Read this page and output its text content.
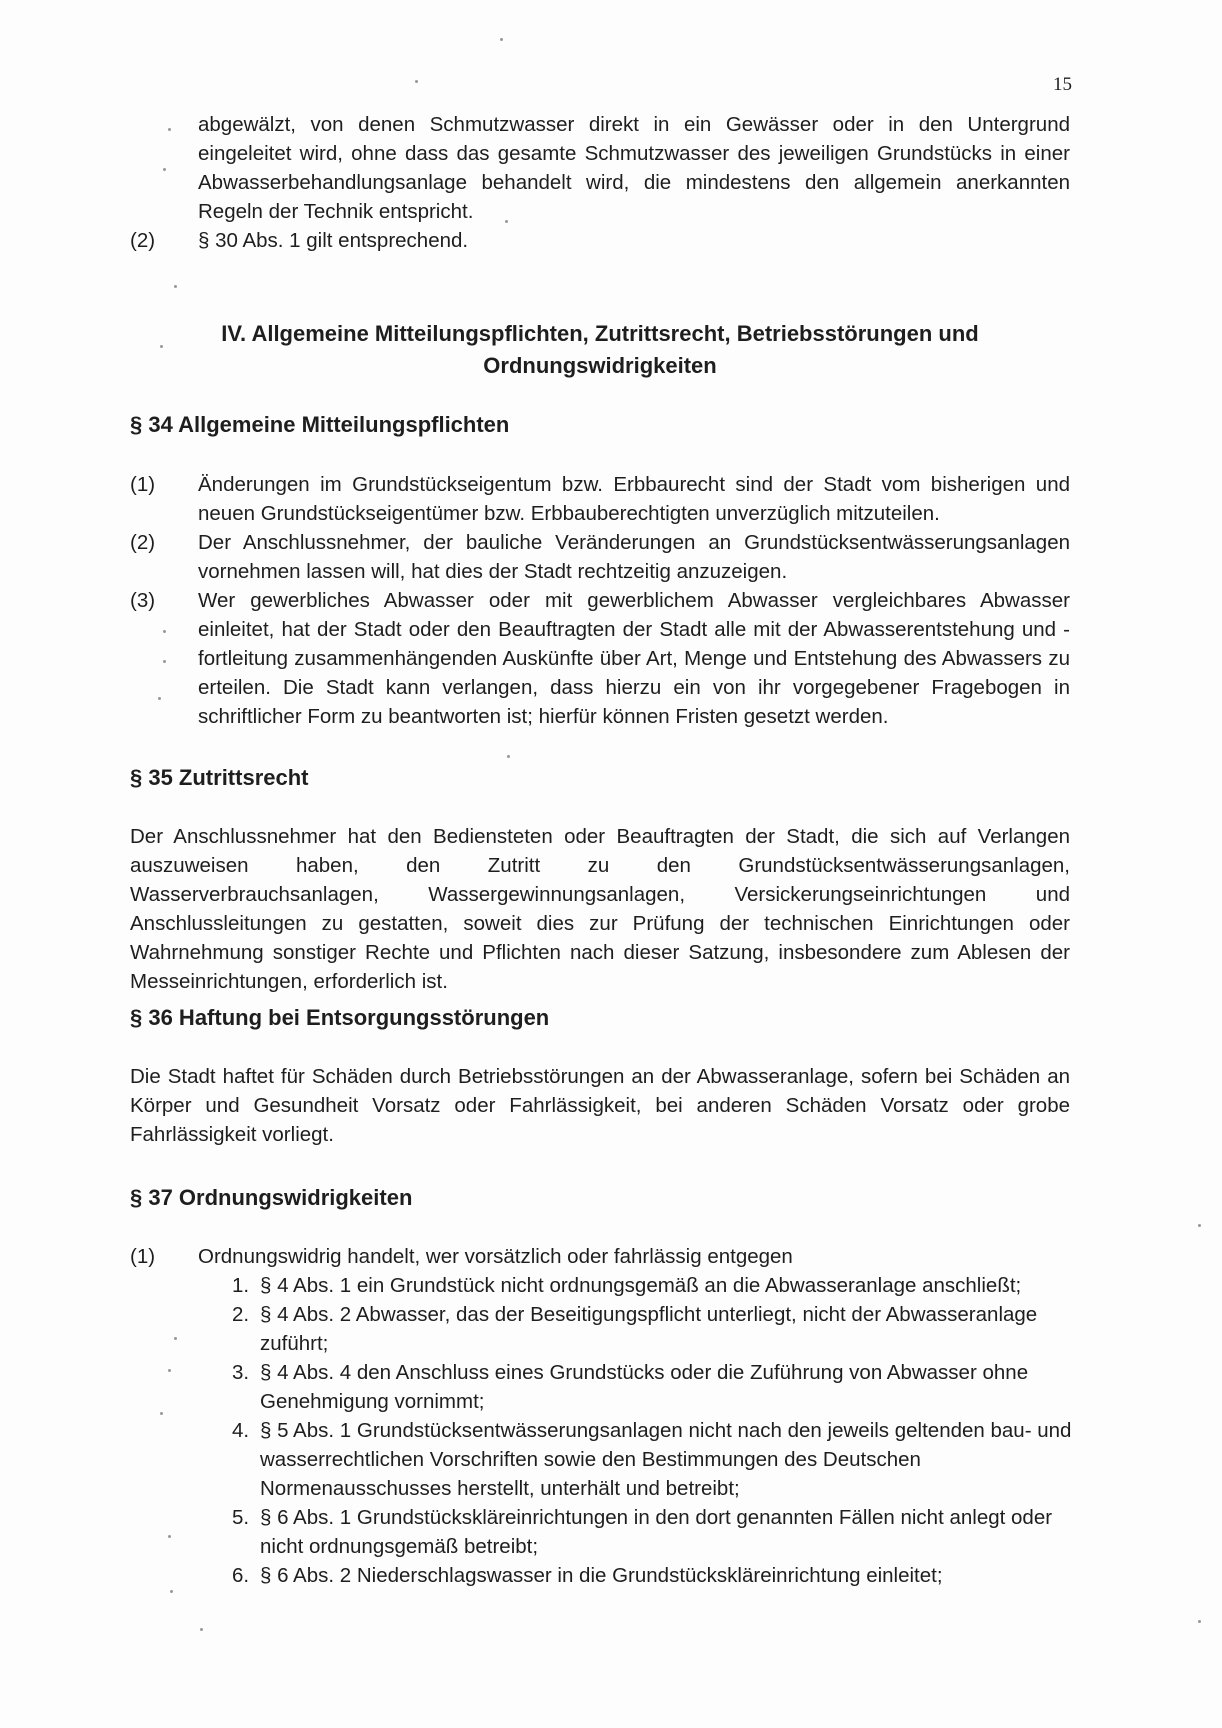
15
abgewälzt, von denen Schmutzwasser direkt in ein Gewässer oder in den Untergrund eingeleitet wird, ohne dass das gesamte Schmutzwasser des jeweiligen Grundstücks in einer Abwasserbehandlungsanlage behandelt wird, die mindestens den allgemein anerkannten Regeln der Technik entspricht.
(2)	§ 30 Abs. 1 gilt entsprechend.
IV. Allgemeine Mitteilungspflichten, Zutrittsrecht, Betriebsstörungen und
Ordnungswidrigkeiten
§ 34 Allgemeine Mitteilungspflichten
(1)	Änderungen im Grundstückseigentum bzw. Erbbaurecht sind der Stadt vom bisherigen und neuen Grundstückseigentümer bzw. Erbbauberechtigten unverzüglich mitzuteilen.
(2)	Der Anschlussnehmer, der bauliche Veränderungen an Grundstücksentwässerungsanlagen vornehmen lassen will, hat dies der Stadt rechtzeitig anzuzeigen.
(3)	Wer gewerbliches Abwasser oder mit gewerblichem Abwasser vergleichbares Abwasser einleitet, hat der Stadt oder den Beauftragten der Stadt alle mit der Abwasserentstehung und -fortleitung zusammenhängenden Auskünfte über Art, Menge und Entstehung des Abwassers zu erteilen. Die Stadt kann verlangen, dass hierzu ein von ihr vorgegebener Fragebogen in schriftlicher Form zu beantworten ist; hierfür können Fristen gesetzt werden.
§ 35 Zutrittsrecht
Der Anschlussnehmer hat den Bediensteten oder Beauftragten der Stadt, die sich auf Verlangen auszuweisen haben, den Zutritt zu den Grundstücksentwässerungsanlagen, Wasserverbrauchsanlagen, Wassergewinnungsanlagen, Versickerungseinrichtungen und Anschlussleitungen zu gestatten, soweit dies zur Prüfung der technischen Einrichtungen oder Wahrnehmung sonstiger Rechte und Pflichten nach dieser Satzung, insbesondere zum Ablesen der Messeinrichtungen, erforderlich ist.
§ 36 Haftung bei Entsorgungsstörungen
Die Stadt haftet für Schäden durch Betriebsstörungen an der Abwasseranlage, sofern bei Schäden an Körper und Gesundheit Vorsatz oder Fahrlässigkeit, bei anderen Schäden Vorsatz oder grobe Fahrlässigkeit vorliegt.
§ 37 Ordnungswidrigkeiten
(1)	Ordnungswidrig handelt, wer vorsätzlich oder fahrlässig entgegen
1. § 4 Abs. 1 ein Grundstück nicht ordnungsgemäß an die Abwasseranlage anschließt;
2. § 4 Abs. 2 Abwasser, das der Beseitigungspflicht unterliegt, nicht der Abwasseranlage zuführt;
3. § 4 Abs. 4 den Anschluss eines Grundstücks oder die Zuführung von Abwasser ohne Genehmigung vornimmt;
4. § 5 Abs. 1 Grundstücksentwässerungsanlagen nicht nach den jeweils geltenden bau- und wasserrechtlichen Vorschriften sowie den Bestimmungen des Deutschen Normenausschusses herstellt, unterhält und betreibt;
5. § 6 Abs. 1 Grundstückskläreinrichtungen in den dort genannten Fällen nicht anlegt oder nicht ordnungsgemäß betreibt;
6. § 6 Abs. 2 Niederschlagswasser in die Grundstückskläreinrichtung einleitet;
